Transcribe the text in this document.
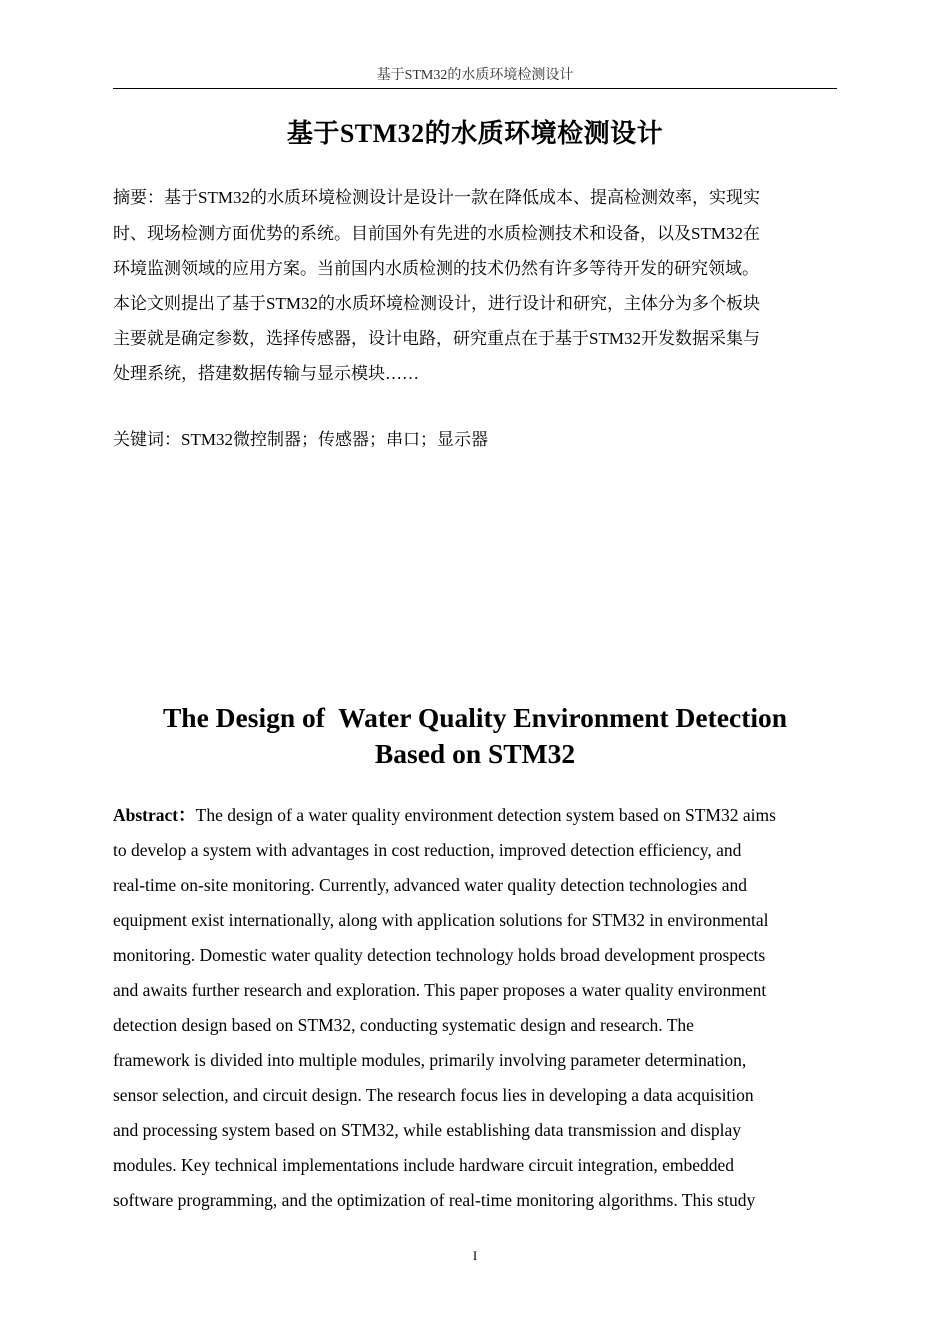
基于STM32的水质环境检测设计
基于STM32的水质环境检测设计
摘要：基于STM32的水质环境检测设计是设计一款在降低成本、提高检测效率，实现实
时、现场检测方面优势的系统。目前国外有先进的水质检测技术和设备，以及STM32在
环境监测领域的应用方案。当前国内水质检测的技术仍然有许多等待开发的研究领域。
本论文则提出了基于STM32的水质环境检测设计，进行设计和研究，主体分为多个板块
主要就是确定参数，选择传感器，设计电路，研究重点在于基于STM32开发数据采集与
处理系统，搭建数据传输与显示模块……
关键词：STM32微控制器；传感器；串口；显示器
The Design of  Water Quality Environment Detection
Based on STM32
Abstract：The design of a water quality environment detection system based on STM32 aims
to develop a system with advantages in cost reduction, improved detection efficiency, and
real-time on-site monitoring. Currently, advanced water quality detection technologies and
equipment exist internationally, along with application solutions for STM32 in environmental
monitoring. Domestic water quality detection technology holds broad development prospects
and awaits further research and exploration. This paper proposes a water quality environment
detection design based on STM32, conducting systematic design and research. The
framework is divided into multiple modules, primarily involving parameter determination,
sensor selection, and circuit design. The research focus lies in developing a data acquisition
and processing system based on STM32, while establishing data transmission and display
modules. Key technical implementations include hardware circuit integration, embedded
software programming, and the optimization of real-time monitoring algorithms. This study
I
